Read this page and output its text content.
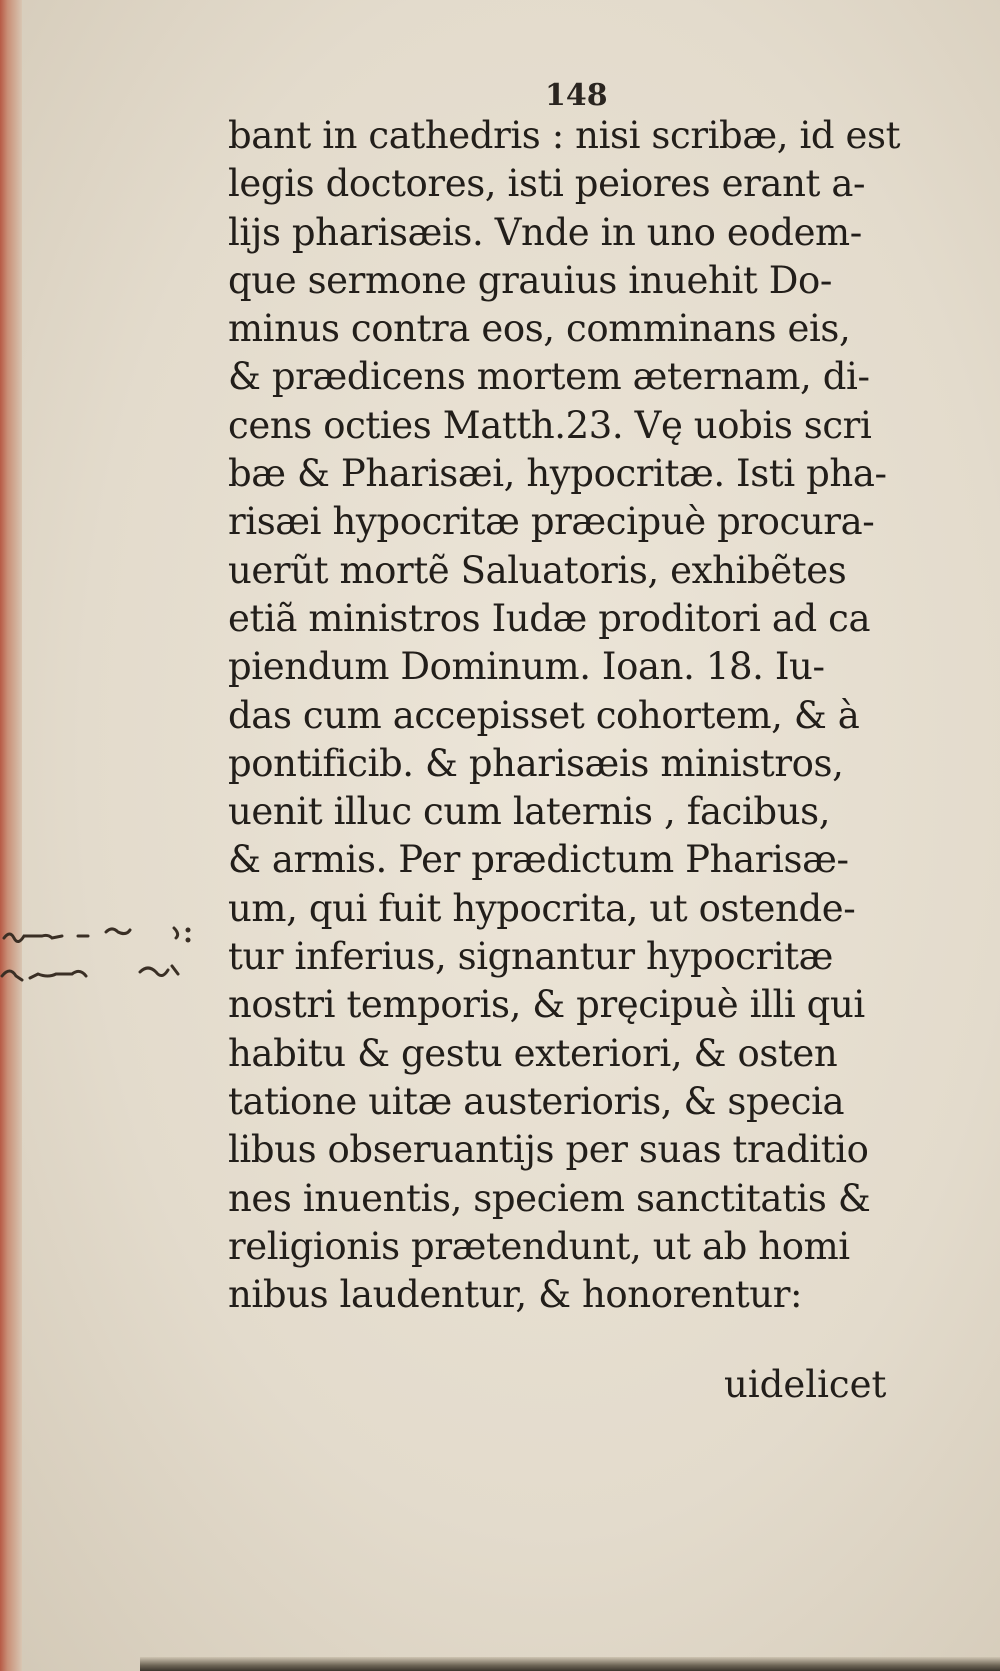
148
bant in cathedris : nisi scribæ, id est
legis doctores, isti peiores erant a-
lijs pharisæis. Vnde in uno eodem-
que sermone grauius inuehit Do-
minus contra eos, comminans eis,
& prædicens mortem æternam, di-
cens octies Matth.23. Vę uobis scri
bæ & Pharisæi, hypocritæ. Isti pha-
risæi hypocritæ præcipuè procura-
uerũt mortẽ Saluatoris, exhibẽtes
etiã ministros Iudæ proditori ad ca
piendum Dominum. Ioan. 18. Iu-
das cum accepisset cohortem, & à
pontificib. & pharisæis ministros,
uenit illuc cum laternis , facibus,
& armis. Per prædictum Pharisæ-
um, qui fuit hypocrita, ut ostende-
tur inferius, signantur hypocritæ
nostri temporis, & pręcipuè illi qui
habitu & gestu exteriori, & osten
tatione uitæ austerioris, & specia
libus obseruantijs per suas traditio
nes inuentis, speciem sanctitatis &
religionis prætendunt, ut ab homi
nibus laudentur, & honorentur:
uidelicet
